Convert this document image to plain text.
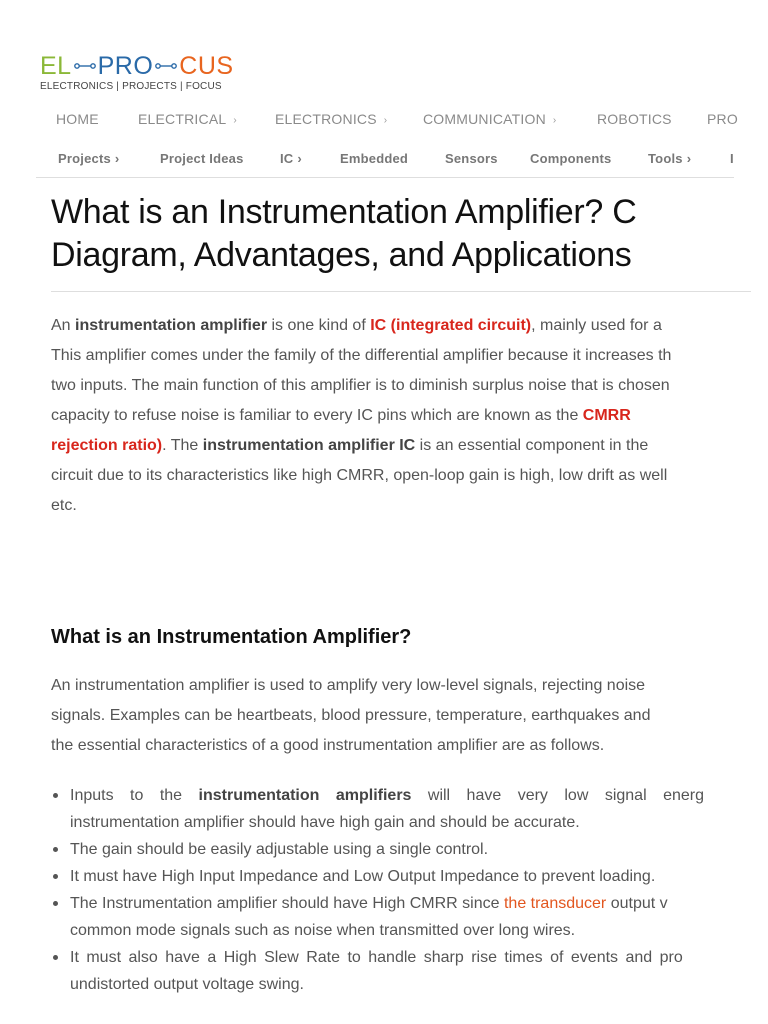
EL PRO CUS
ELECTRONICS | PROJECTS | FOCUS
HOME	ELECTRICAL ›	ELECTRONICS ›	COMMUNICATION ›	ROBOTICS	PRO
Projects ›	Project Ideas	IC ›	Embedded	Sensors Components	Tools ›	I
What is an Instrumentation Amplifier? C
Diagram, Advantages, and Applications
An instrumentation amplifier is one kind of IC (integrated circuit), mainly used for a
This amplifier comes under the family of the differential amplifier because it increases th
two inputs. The main function of this amplifier is to diminish surplus noise that is chosen
capacity to refuse noise is familiar to every IC pins which are known as the CMRR
rejection ratio). The instrumentation amplifier IC is an essential component in the
circuit due to its characteristics like high CMRR, open-loop gain is high, low drift as well
etc.
What is an Instrumentation Amplifier?
An instrumentation amplifier is used to amplify very low-level signals, rejecting noise
signals. Examples can be heartbeats, blood pressure, temperature, earthquakes and
the essential characteristics of a good instrumentation amplifier are as follows.
Inputs to the instrumentation amplifiers will have very low signal energ
instrumentation amplifier should have high gain and should be accurate.
The gain should be easily adjustable using a single control.
It must have High Input Impedance and Low Output Impedance to prevent loading.
The Instrumentation amplifier should have High CMRR since the transducer output v
common mode signals such as noise when transmitted over long wires.
It must also have a High Slew Rate to handle sharp rise times of events and pro
undistorted output voltage swing.
